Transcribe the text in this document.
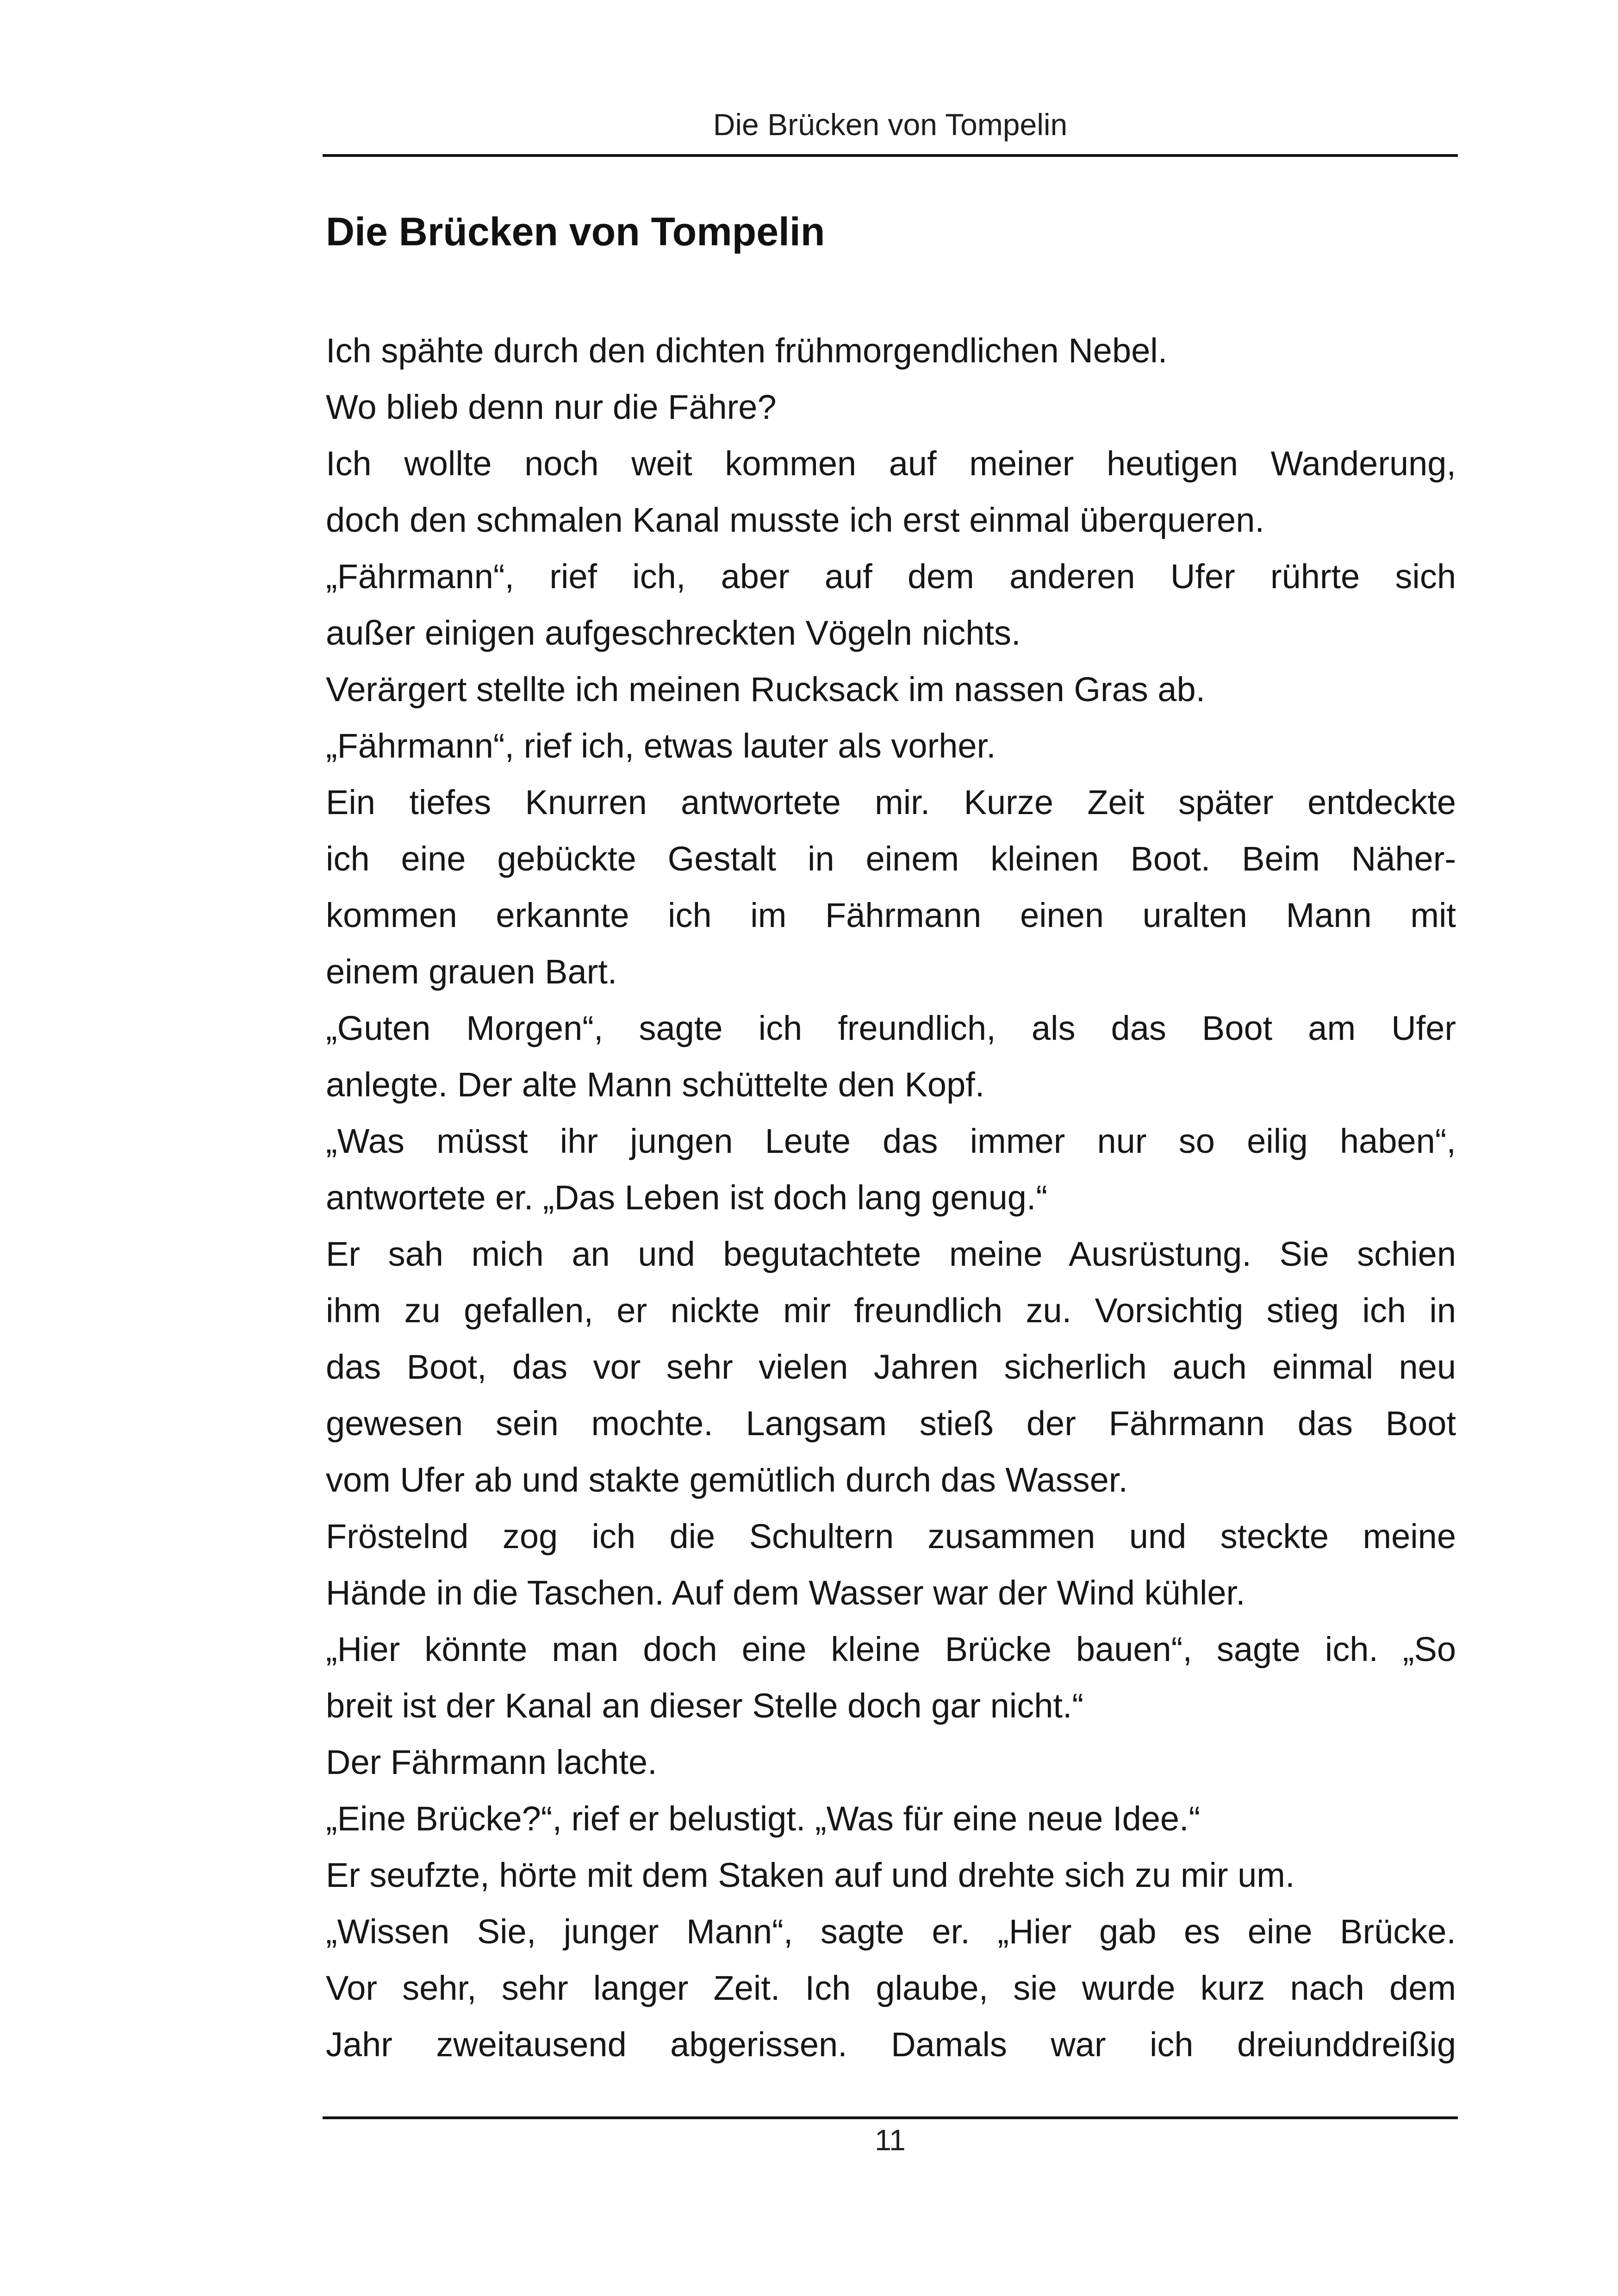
Die Brücken von Tompelin
Die Brücken von Tompelin
Ich spähte durch den dichten frühmorgendlichen Nebel.
Wo blieb denn nur die Fähre?
Ich wollte noch weit kommen auf meiner heutigen Wanderung,
doch den schmalen Kanal musste ich erst einmal überqueren.
„Fährmann“, rief ich, aber auf dem anderen Ufer rührte sich
außer einigen aufgeschreckten Vögeln nichts.
Verärgert stellte ich meinen Rucksack im nassen Gras ab.
„Fährmann“, rief ich, etwas lauter als vorher.
Ein tiefes Knurren antwortete mir. Kurze Zeit später entdeckte
ich eine gebückte Gestalt in einem kleinen Boot. Beim Näher-
kommen erkannte ich im Fährmann einen uralten Mann mit
einem grauen Bart.
„Guten Morgen“, sagte ich freundlich, als das Boot am Ufer
anlegte. Der alte Mann schüttelte den Kopf.
„Was müsst ihr jungen Leute das immer nur so eilig haben“,
antwortete er. „Das Leben ist doch lang genug.“
Er sah mich an und begutachtete meine Ausrüstung. Sie schien
ihm zu gefallen, er nickte mir freundlich zu. Vorsichtig stieg ich in
das Boot, das vor sehr vielen Jahren sicherlich auch einmal neu
gewesen sein mochte. Langsam stieß der Fährmann das Boot
vom Ufer ab und stakte gemütlich durch das Wasser.
Fröstelnd zog ich die Schultern zusammen und steckte meine
Hände in die Taschen. Auf dem Wasser war der Wind kühler.
„Hier könnte man doch eine kleine Brücke bauen“, sagte ich. „So
breit ist der Kanal an dieser Stelle doch gar nicht.“
Der Fährmann lachte.
„Eine Brücke?“, rief er belustigt. „Was für eine neue Idee.“
Er seufzte, hörte mit dem Staken auf und drehte sich zu mir um.
„Wissen Sie, junger Mann“, sagte er. „Hier gab es eine Brücke.
Vor sehr, sehr langer Zeit. Ich glaube, sie wurde kurz nach dem
Jahr zweitausend abgerissen. Damals war ich dreiunddreißig
11
